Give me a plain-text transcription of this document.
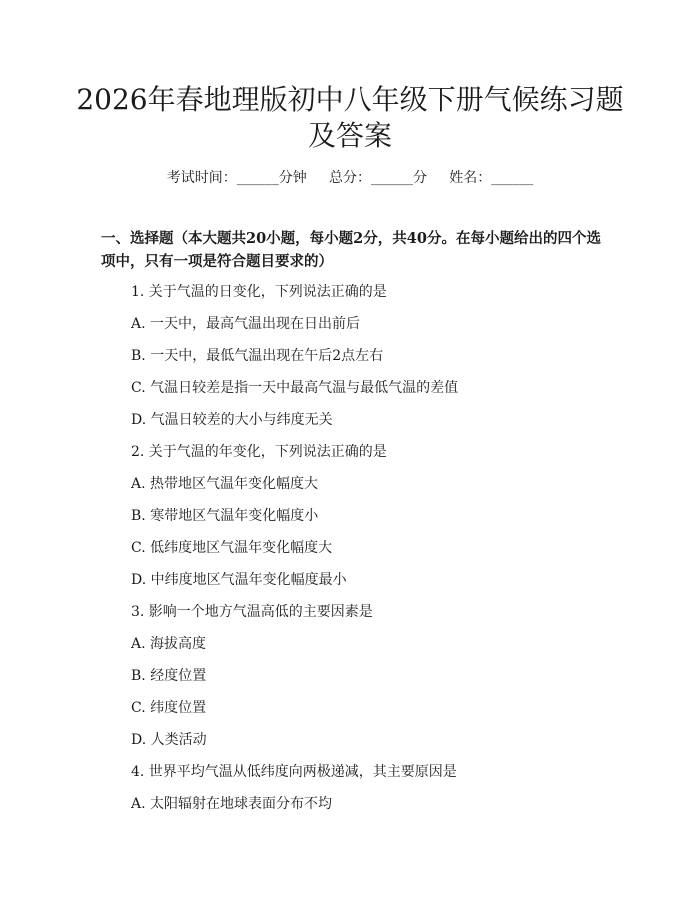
2026年春地理版初中八年级下册气候练习题
及答案
考试时间：______分钟     总分：______分     姓名：______
一、选择题（本大题共20小题，每小题2分，共40分。在每小题给出的四个选
项中，只有一项是符合题目要求的）
1. 关于气温的日变化，下列说法正确的是
A. 一天中，最高气温出现在日出前后
B. 一天中，最低气温出现在午后2点左右
C. 气温日较差是指一天中最高气温与最低气温的差值
D. 气温日较差的大小与纬度无关
2. 关于气温的年变化，下列说法正确的是
A. 热带地区气温年变化幅度大
B. 寒带地区气温年变化幅度小
C. 低纬度地区气温年变化幅度大
D. 中纬度地区气温年变化幅度最小
3. 影响一个地方气温高低的主要因素是
A. 海拔高度
B. 经度位置
C. 纬度位置
D. 人类活动
4. 世界平均气温从低纬度向两极递减，其主要原因是
A. 太阳辐射在地球表面分布不均
